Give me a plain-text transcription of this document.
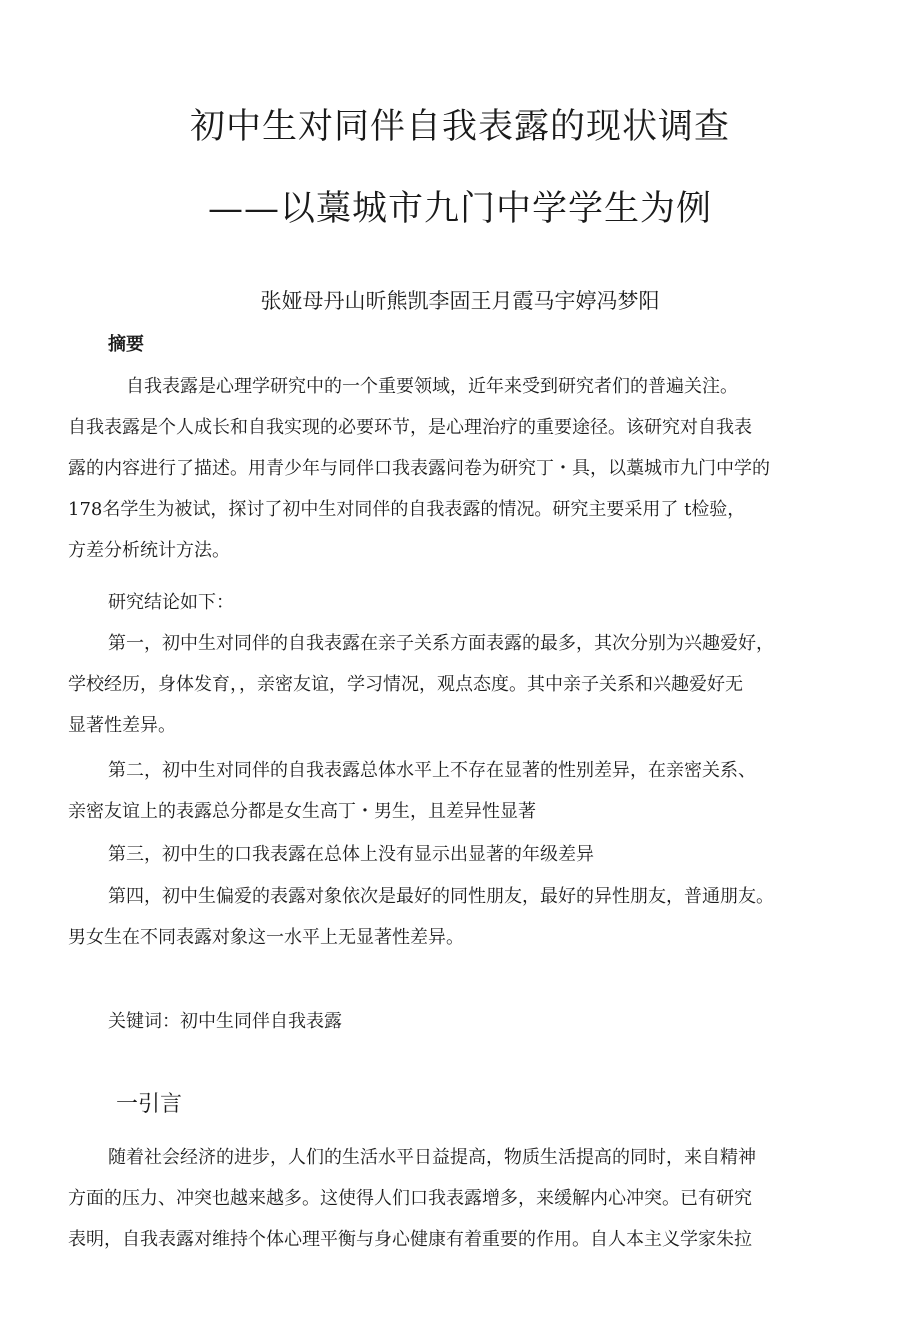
初中生对同伴自我表露的现状调查
——以藁城市九门中学学生为例
张娅母丹山昕熊凯李固王月霞马宇婷冯梦阳
摘要
自我表露是心理学研究中的一个重要领域，近年来受到研究者们的普遍关注。
自我表露是个人成长和自我实现的必要环节，是心理治疗的重要途径。该研究对自我表
露的内容进行了描述。用青少年与同伴口我表露问卷为研究丁・具，以藁城市九门中学的
178名学生为被试，探讨了初中生对同伴的自我表露的情况。研究主要采用了 t检验，
方差分析统计方法。
研究结论如下：
第一，初中生对同伴的自我表露在亲子关系方面表露的最多，其次分别为兴趣爱好，
学校经历，身体发育，，亲密友谊，学习情况，观点态度。其中亲子关系和兴趣爱好无
显著性差异。
第二，初中生对同伴的自我表露总体水平上不存在显著的性别差异，在亲密关系、
亲密友谊上的表露总分都是女生高丁・男生，且差异性显著
第三，初中生的口我表露在总体上没有显示出显著的年级差异
第四，初中生偏爱的表露对象依次是最好的同性朋友，最好的异性朋友，普通朋友。
男女生在不同表露对象这一水平上无显著性差异。
关键词：初中生同伴自我表露
一引言
随着社会经济的进步，人们的生活水平日益提高，物质生活提高的同时，来自精神
方面的压力、冲突也越来越多。这使得人们口我表露增多，来缓解内心冲突。已有研究
表明，自我表露对维持个体心理平衡与身心健康有着重要的作用。自人本主义学家朱拉
